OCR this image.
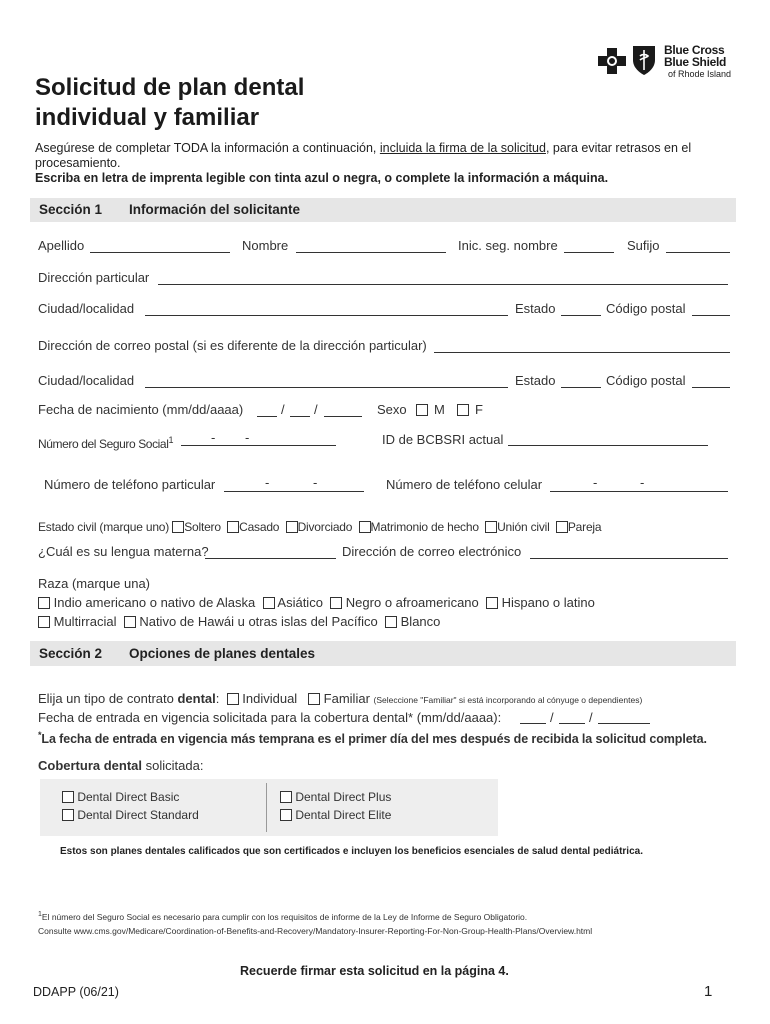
Blue Cross
Blue Shield
of Rhode Island
Solicitud de plan dental
individual y familiar
Asegúrese de completar TODA la información a continuación, incluida la firma de la solicitud, para evitar retrasos en el procesamiento.
Escriba en letra de imprenta legible con tinta azul o negra, o complete la información a máquina.
Sección 1 Información del solicitante
Apellido	Nombre	Inic. seg. nombre	Sufijo
Dirección particular
Ciudad/localidad	Estado	Código postal
Dirección de correo postal (si es diferente de la dirección particular)
Ciudad/localidad	Estado	Código postal
Fecha de nacimiento (mm/dd/aaaa)	/ /	Sexo M F
Número del Seguro Social$^1$	- -	ID de BCBSRI actual
Número de teléfono particular	-	-	Número de teléfono celular	-	-
Estado civil (marque uno) Soltero Casado Divorciado Matrimonio de hecho Unión civil Pareja
¿Cuál es su lengua materna?	Dirección de correo electrónico
Raza (marque una)
Indio americano o nativo de Alaska Asiático Negro o afroamericano Hispano o latino
Multirracial Nativo de Hawái u otras islas del Pacífico Blanco
Sección 2 Opciones de planes dentales
Elija un tipo de contrato dental: Individual Familiar (Seleccione "Familiar" si está incorporando al cónyuge o dependientes)
Fecha de entrada en vigencia solicitada para la cobertura dental* (mm/dd/aaaa):	/	/
*La fecha de entrada en vigencia más temprana es el primer día del mes después de recibida la solicitud completa.
Cobertura dental solicitada:
Dental Direct Basic
Dental Direct Standard
Dental Direct Plus
Dental Direct Elite
Estos son planes dentales calificados que son certificados e incluyen los beneficios esenciales de salud dental pediátrica.
$^1$El número del Seguro Social es necesario para cumplir con los requisitos de informe de la Ley de Informe de Seguro Obligatorio.
Consulte www.cms.gov/Medicare/Coordination-of-Benefits-and-Recovery/Mandatory-Insurer-Reporting-For-Non-Group-Health-Plans/Overview.html
Recuerde firmar esta solicitud en la página 4.
DDAPP (06/21)	1
